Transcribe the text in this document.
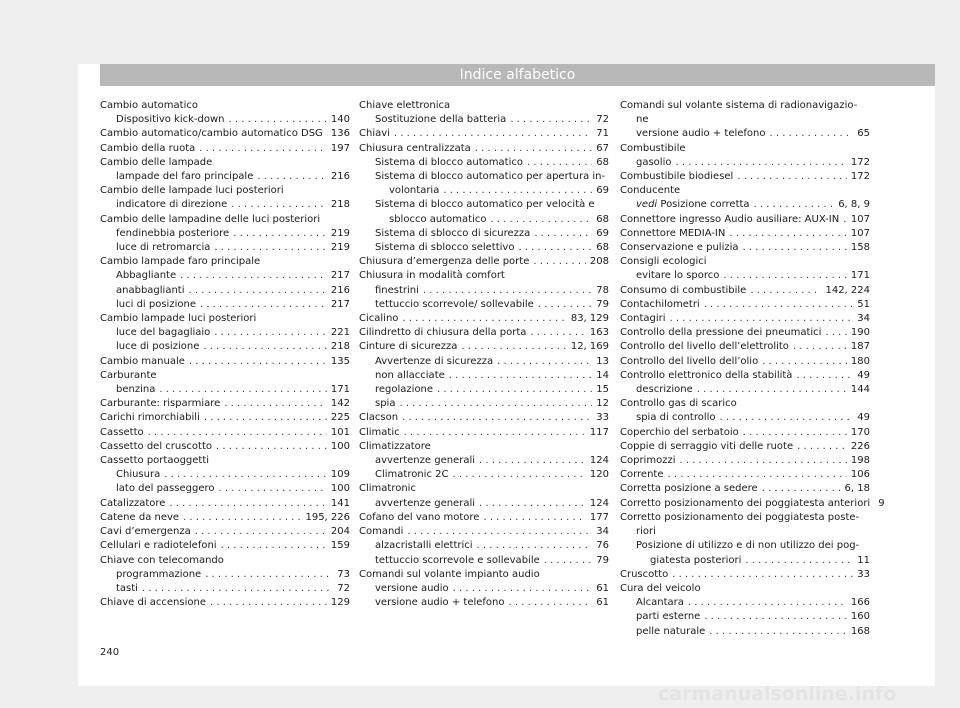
Indice alfabetico
Cambio automatico
Dispositivo kick-down . . .	140
Cambio automatico/cambio automatico DSG . . . 136
Cambio della ruota . . .	197
Cambio delle lampade
lampade del faro principale . . .	216
Cambio delle lampade luci posteriori
indicatore di direzione . . .	218
Cambio delle lampadine delle luci posteriori
fendinebbia posteriore . . .	219
luce di retromarcia . . .	219
Cambio lampade faro principale
Abbagliante . . .	217
anabbaglianti . . .	216
luci di posizione . . .	217
Cambio lampade luci posteriori
luce del bagagliaio . . .	221
luce di posizione . . .	218
Cambio manuale . . .	135
Carburante
benzina . . .	171
Carburante: risparmiare . . .	142
Carichi rimorchiabili . . .	225
Cassetto . . .	101
Cassetto del cruscotto . . .	100
Cassetto portaoggetti
Chiusura . . .	109
lato del passeggero . . .	100
Catalizzatore . . .	141
Catene da neve . . .	195, 226
Cavi d’emergenza . . .	204
Cellulari e radiotelefoni . . .	159
Chiave con telecomando
programmazione . . .	73
tasti . . .	72
Chiave di accensione . . .	129
Chiave elettronica
Sostituzione della batteria . . .	72
Chiavi . . .	71
Chiusura centralizzata . . .	67
Sistema di blocco automatico . . .	68
Sistema di blocco automatico per apertura in-
volontaria . . .	69
Sistema di blocco automatico per velocità e
sblocco automatico . . .	68
Sistema di sblocco di sicurezza . . .	69
Sistema di sblocco selettivo . . .	68
Chiusura d’emergenza delle porte . . .	208
Chiusura in modalità comfort
finestrini . . .	78
tettuccio scorrevole/ sollevabile . . .	79
Cicalino . . .	83, 129
Cilindretto di chiusura della porta . . .	163
Cinture di sicurezza . . .	12, 169
Avvertenze di sicurezza . . .	13
non allacciate . . .	14
regolazione . . .	15
spia . . .	12
Clacson . . .	33
Climatic . . .	117
Climatizzatore
avvertenze generali . . .	124
Climatronic 2C . . .	120
Climatronic
avvertenze generali . . .	124
Cofano del vano motore . . .	177
Comandi . . .	34
alzacristalli elettrici . . .	76
tettuccio scorrevole e sollevabile . . .	79
Comandi sul volante impianto audio
versione audio . . .	61
versione audio + telefono . . .	61
Comandi sul volante sistema di radionavigazio-
ne
versione audio + telefono . . .	65
Combustibile
gasolio . . .	172
Combustibile biodiesel . . .	172
Conducente
vedi Posizione corretta . . .	6, 8, 9
Connettore ingresso Audio ausiliare: AUX-IN . . .	107
Connettore MEDIA-IN . . .	107
Conservazione e pulizia . . .	158
Consigli ecologici
evitare lo sporco . . .	171
Consumo di combustibile . . .	142, 224
Contachilometri . . .	51
Contagiri . . .	34
Controllo della pressione dei pneumatici . . .	190
Controllo del livello dell’elettrolito . . .	187
Controllo del livello dell’olio . . .	180
Controllo elettronico della stabilità . . .	49
descrizione . . .	144
Controllo gas di scarico
spia di controllo . . .	49
Coperchio del serbatoio . . .	170
Coppie di serraggio viti delle ruote . . .	226
Coprimozzi . . .	198
Corrente . . .	106
Corretta posizione a sedere . . .	6, 18
Corretto posizionamento dei poggiatesta anteriori 9
Corretto posizionamento dei poggiatesta poste-
riori
Posizione di utilizzo e di non utilizzo dei pog-
giatesta posteriori . . .	11
Cruscotto . . .	33
Cura del veicolo
Alcantara . . .	166
parti esterne . . .	160
pelle naturale . . .	168
240
carmanualsonline.info
